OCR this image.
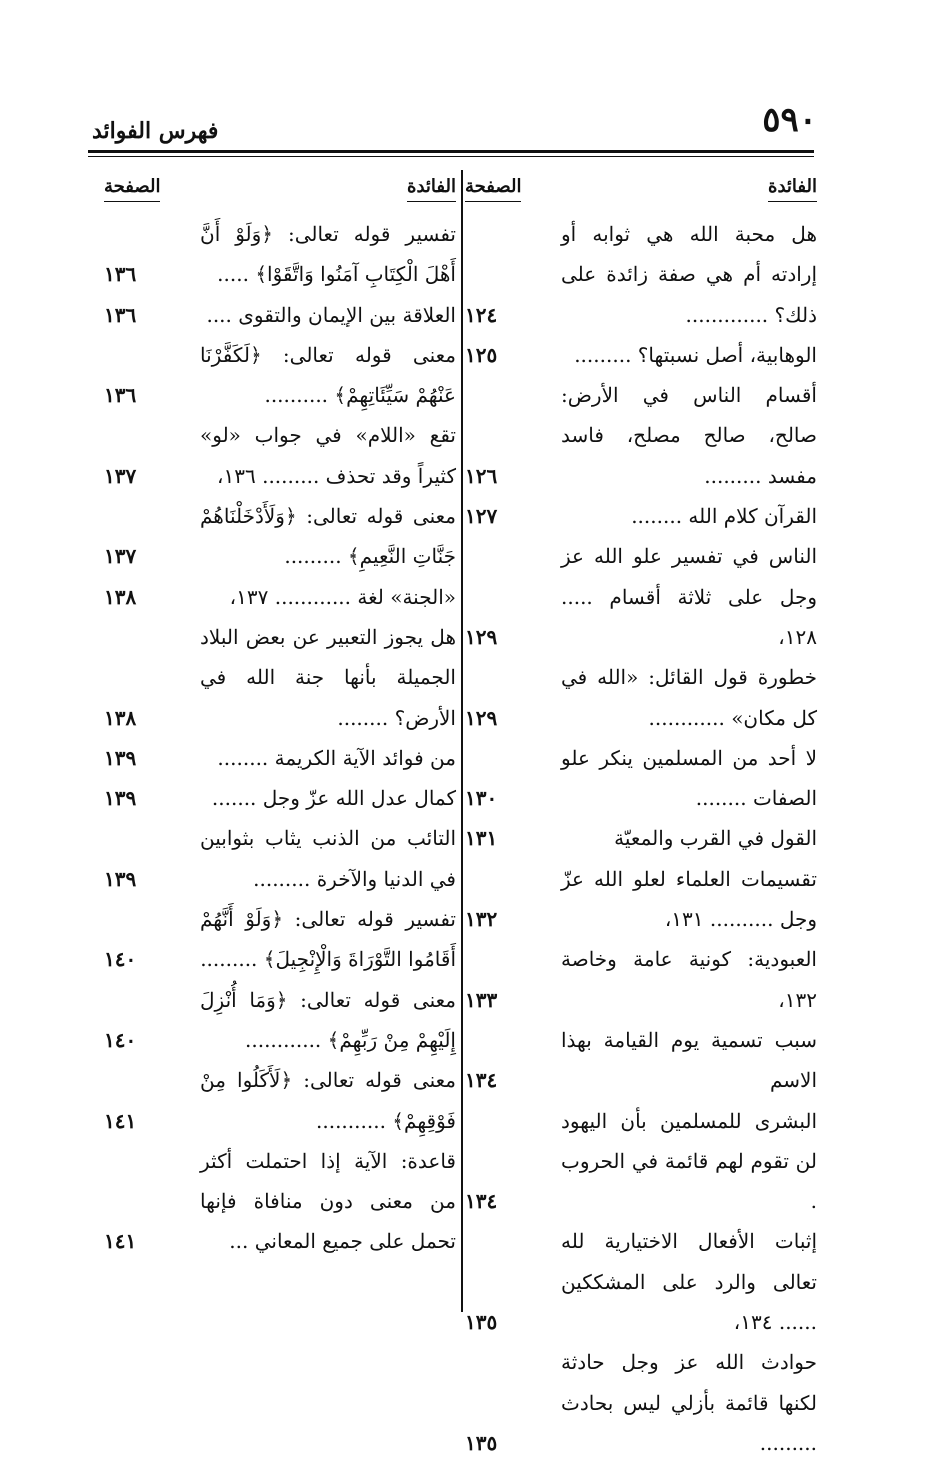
٥٩٠
فهرس الفوائد
الفائدة
الصفحة
هل محبة الله هي ثوابه أو إرادته أم هي صفة زائدة على ذلك؟ .............
١٢٤
الوهابية، أصل نسبتها؟ .........
١٢٥
أقسام الناس في الأرض: صالح، صالح مصلح، فاسد مفسد .........
١٢٦
القرآن كلام الله ........
١٢٧
الناس في تفسير علو الله عز وجل على ثلاثة أقسام ..... ١٢٨،
١٢٩
خطورة قول القائل: «الله في كل مكان» ............
١٢٩
لا أحد من المسلمين ينكر علو الصفات ........
١٣٠
القول في القرب والمعيّة
١٣١
تقسيمات العلماء لعلو الله عزّ وجل .......... ١٣١،
١٣٢
العبودية: كونية عامة وخاصة ١٣٢،
١٣٣
سبب تسمية يوم القيامة بهذا الاسم
١٣٤
البشرى للمسلمين بأن اليهود لن تقوم لهم قائمة في الحروب .
١٣٤
إثبات الأفعال الاختيارية لله تعالى والرد على المشككين ...... ١٣٤،
١٣٥
حوادث الله عز وجل حادثة لكنها قائمة بأزلي ليس بحادث .........
١٣٥
الفائدة
الصفحة
تفسير قوله تعالى: ﴿وَلَوْ أَنَّ أَهْلَ الْكِتَابِ آمَنُوا وَاتَّقَوْا﴾ .....
١٣٦
العلاقة بين الإيمان والتقوى ....
١٣٦
معنى قوله تعالى: ﴿لَكَفَّرْنَا عَنْهُمْ سَيِّئَاتِهِمْ﴾ ..........
١٣٦
تقع «اللام» في جواب «لو» كثيراً وقد تحذف ......... ١٣٦،
١٣٧
معنى قوله تعالى: ﴿وَلَأَدْخَلْنَاهُمْ جَنَّاتِ النَّعِيمِ﴾ .........
١٣٧
«الجنة» لغة ............ ١٣٧،
١٣٨
هل يجوز التعبير عن بعض البلاد الجميلة بأنها جنة الله في الأرض؟ ........
١٣٨
من فوائد الآية الكريمة ........
١٣٩
كمال عدل الله عزّ وجل .......
١٣٩
التائب من الذنب يثاب بثوابين في الدنيا والآخرة .........
١٣٩
تفسير قوله تعالى: ﴿وَلَوْ أَنَّهُمْ أَقَامُوا التَّوْرَاةَ وَالْإِنْجِيلَ﴾ .........
١٤٠
معنى قوله تعالى: ﴿وَمَا أُنْزِلَ إِلَيْهِمْ مِنْ رَبِّهِمْ﴾ ............
١٤٠
معنى قوله تعالى: ﴿لَأَكَلُوا مِنْ فَوْقِهِمْ﴾ ...........
١٤١
قاعدة: الآية إذا احتملت أكثر من معنى دون منافاة فإنها تحمل على جميع المعاني ...
١٤١
